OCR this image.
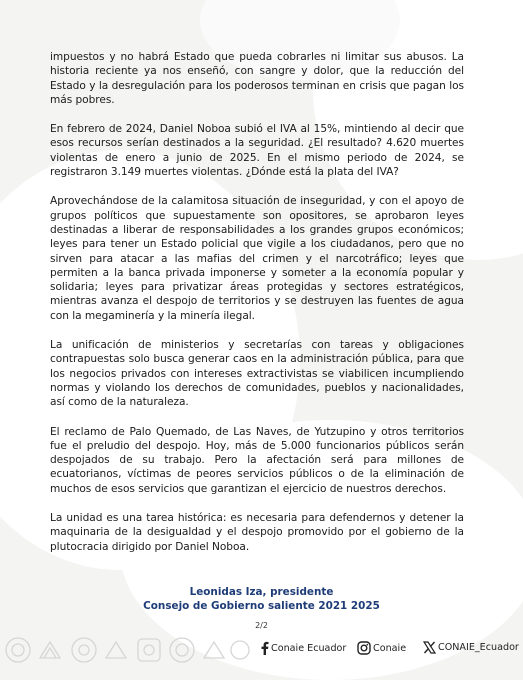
impuestos y no habrá Estado que pueda cobrarles ni limitar sus abusos. La historia reciente ya nos enseñó, con sangre y dolor, que la reducción del Estado y la desregulación para los poderosos terminan en crisis que pagan los más pobres.

En febrero de 2024, Daniel Noboa subió el IVA al 15%, mintiendo al decir que esos recursos serían destinados a la seguridad. ¿El resultado? 4.620 muertes violentas de enero a junio de 2025. En el mismo periodo de 2024, se registraron 3.149 muertes violentas. ¿Dónde está la plata del IVA?

Aprovechándose de la calamitosa situación de inseguridad, y con el apoyo de grupos políticos que supuestamente son opositores, se aprobaron leyes destinadas a liberar de responsabilidades a los grandes grupos económicos; leyes para tener un Estado policial que vigile a los ciudadanos, pero que no sirven para atacar a las mafias del crimen y el narcotráfico; leyes que permiten a la banca privada imponerse y someter a la economía popular y solidaria; leyes para privatizar áreas protegidas y sectores estratégicos, mientras avanza el despojo de territorios y se destruyen las fuentes de agua con la megaminería y la minería ilegal.

La unificación de ministerios y secretarías con tareas y obligaciones contrapuestas solo busca generar caos en la administración pública, para que los negocios privados con intereses extractivistas se viabilicen incumpliendo normas y violando los derechos de comunidades, pueblos y nacionalidades, así como de la naturaleza.

El reclamo de Palo Quemado, de Las Naves, de Yutzupino y otros territorios fue el preludio del despojo. Hoy, más de 5.000 funcionarios públicos serán despojados de su trabajo. Pero la afectación será para millones de ecuatorianos, víctimas de peores servicios públicos o de la eliminación de muchos de esos servicios que garantizan el ejercicio de nuestros derechos.

La unidad es una tarea histórica: es necesaria para defendernos y detener la maquinaria de la desigualdad y el despojo promovido por el gobierno de la plutocracia dirigido por Daniel Noboa.

Leonidas Iza, presidente
Consejo de Gobierno saliente 2021 2025
2/2
Conaie Ecuador	Conaie	CONAIE_Ecuador
